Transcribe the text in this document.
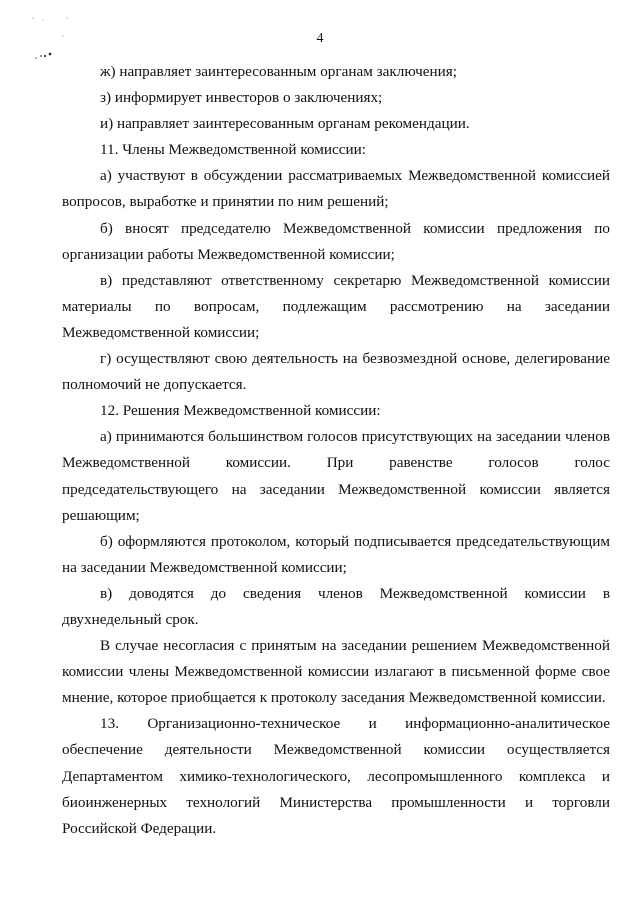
4

ж) направляет заинтересованным органам заключения;

з) информирует инвесторов о заключениях;

и) направляет заинтересованным органам рекомендации.

11. Члены Межведомственной комиссии:

а) участвуют в обсуждении рассматриваемых Межведомственной комиссией вопросов, выработке и принятии по ним решений;

б) вносят председателю Межведомственной комиссии предложения по организации работы Межведомственной комиссии;

в) представляют ответственному секретарю Межведомственной комиссии материалы по вопросам, подлежащим рассмотрению на заседании Межведомственной комиссии;

г) осуществляют свою деятельность на безвозмездной основе, делегирование полномочий не допускается.

12. Решения Межведомственной комиссии:

а) принимаются большинством голосов присутствующих на заседании членов Межведомственной комиссии. При равенстве голосов голос председательствующего на заседании Межведомственной комиссии является решающим;

б) оформляются протоколом, который подписывается председательствующим на заседании Межведомственной комиссии;

в) доводятся до сведения членов Межведомственной комиссии в двухнедельный срок.

В случае несогласия с принятым на заседании решением Межведомственной комиссии члены Межведомственной комиссии излагают в письменной форме свое мнение, которое приобщается к протоколу заседания Межведомственной комиссии.

13. Организационно-техническое и информационно-аналитическое обеспечение деятельности Межведомственной комиссии осуществляется Департаментом химико-технологического, лесопромышленного комплекса и биоинженерных технологий Министерства промышленности и торговли Российской Федерации.
